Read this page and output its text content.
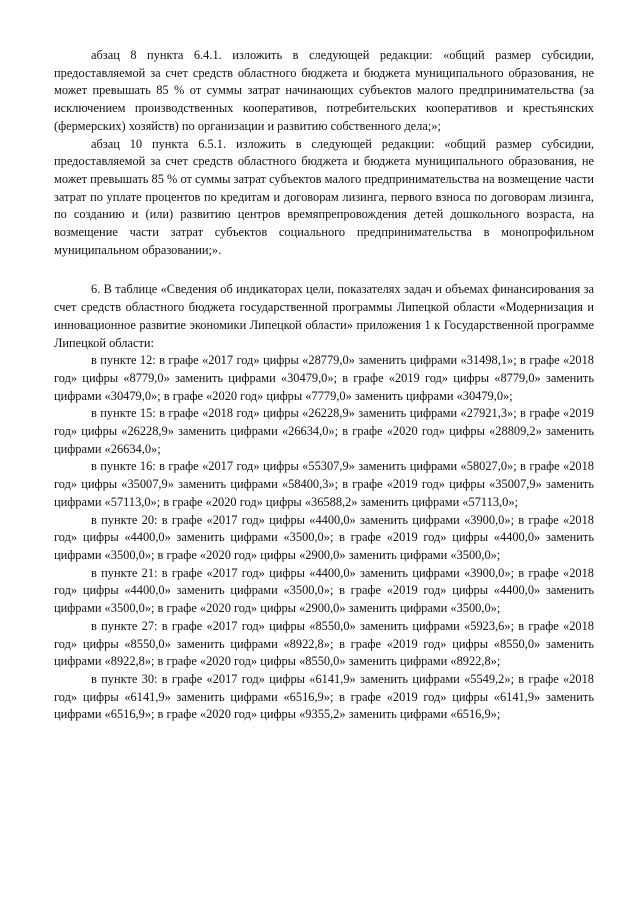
абзац 8 пункта 6.4.1. изложить в следующей редакции: «общий размер субсидии, предоставляемой за счет средств областного бюджета и бюджета муниципального образования, не может превышать 85 % от суммы затрат начинающих субъектов малого предпринимательства (за исключением производственных кооперативов, потребительских кооперативов и крестьянских (фермерских) хозяйств) по организации и развитию собственного дела;»;

абзац 10 пункта 6.5.1. изложить в следующей редакции: «общий размер субсидии, предоставляемой за счет средств областного бюджета и бюджета муниципального образования, не может превышать 85 % от суммы затрат субъектов малого предпринимательства на возмещение части затрат по уплате процентов по кредитам и договорам лизинга, первого взноса по договорам лизинга, по созданию и (или) развитию центров времяпрепровождения детей дошкольного возраста, на возмещение части затрат субъектов социального предпринимательства в монопрофильном муниципальном образовании;».

6. В таблице «Сведения об индикаторах цели, показателях задач и объемах финансирования за счет средств областного бюджета государственной программы Липецкой области «Модернизация и инновационное развитие экономики Липецкой области» приложения 1 к Государственной программе Липецкой области:

в пункте 12: в графе «2017 год» цифры «28779,0» заменить цифрами «31498,1»; в графе «2018 год» цифры «8779,0» заменить цифрами «30479,0»; в графе «2019 год» цифры «8779,0» заменить цифрами «30479,0»; в графе «2020 год» цифры «7779,0» заменить цифрами «30479,0»;

в пункте 15: в графе «2018 год» цифры «26228,9» заменить цифрами «27921,3»; в графе «2019 год» цифры «26228,9» заменить цифрами «26634,0»; в графе «2020 год» цифры «28809,2» заменить цифрами «26634,0»;

в пункте 16: в графе «2017 год» цифры «55307,9» заменить цифрами «58027,0»; в графе «2018 год» цифры «35007,9» заменить цифрами «58400,3»; в графе «2019 год» цифры «35007,9» заменить цифрами «57113,0»; в графе «2020 год» цифры «36588,2» заменить цифрами «57113,0»;

в пункте 20: в графе «2017 год» цифры «4400,0» заменить цифрами «3900,0»; в графе «2018 год» цифры «4400,0» заменить цифрами «3500,0»; в графе «2019 год» цифры «4400,0» заменить цифрами «3500,0»; в графе «2020 год» цифры «2900,0» заменить цифрами «3500,0»;

в пункте 21: в графе «2017 год» цифры «4400,0» заменить цифрами «3900,0»; в графе «2018 год» цифры «4400,0» заменить цифрами «3500,0»; в графе «2019 год» цифры «4400,0» заменить цифрами «3500,0»; в графе «2020 год» цифры «2900,0» заменить цифрами «3500,0»;

в пункте 27: в графе «2017 год» цифры «8550,0» заменить цифрами «5923,6»; в графе «2018 год» цифры «8550,0» заменить цифрами «8922,8»; в графе «2019 год» цифры «8550,0» заменить цифрами «8922,8»; в графе «2020 год» цифры «8550,0» заменить цифрами «8922,8»;

в пункте 30: в графе «2017 год» цифры «6141,9» заменить цифрами «5549,2»; в графе «2018 год» цифры «6141,9» заменить цифрами «6516,9»; в графе «2019 год» цифры «6141,9» заменить цифрами «6516,9»; в графе «2020 год» цифры «9355,2» заменить цифрами «6516,9»;
